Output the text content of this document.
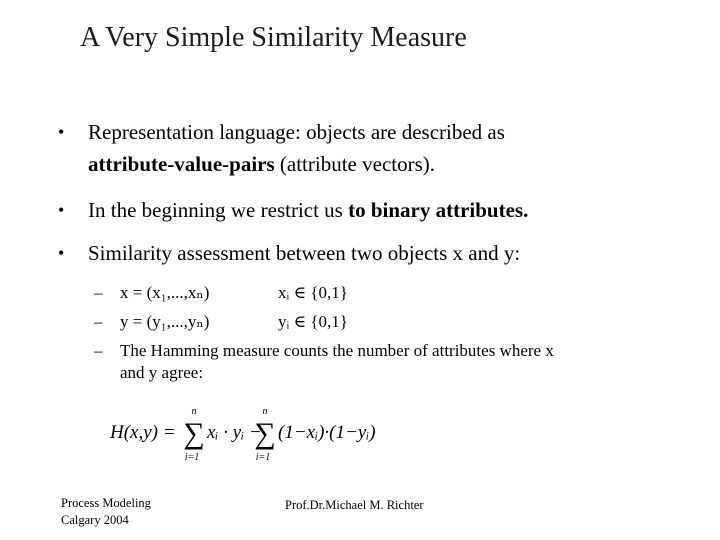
A Very Simple Similarity Measure
• Representation language: objects are described as
attribute-value-pairs (attribute vectors).
• In the beginning we restrict us to binary attributes.
• Similarity assessment between two objects x and y:
– x = (x₁,...,xₙ)	xᵢ ∈ {0,1}
– y = (y₁,...,yₙ)	yᵢ ∈ {0,1}
– The Hamming measure counts the number of attributes where x
and y agree:
H(x,y) =
n
∑
i=1
xᵢ · yᵢ −
n
∑
i=1
(1−xᵢ)·(1−yᵢ)
Process Modeling
Calgary 2004
Prof.Dr.Michael M. Richter
